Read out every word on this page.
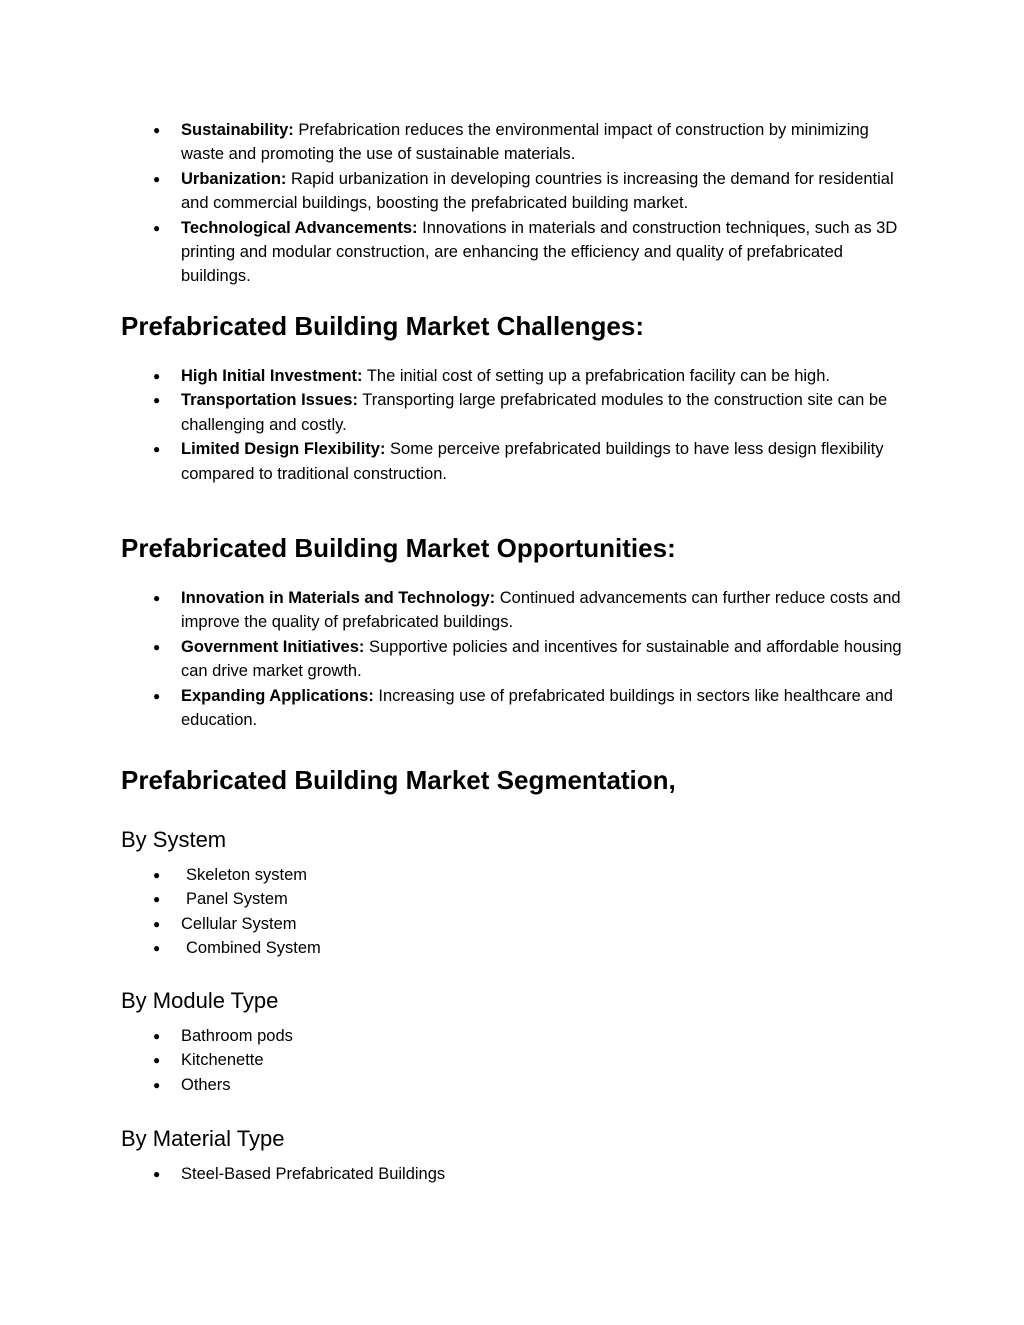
● Sustainability: Prefabrication reduces the environmental impact of construction by minimizing waste and promoting the use of sustainable materials.
● Urbanization: Rapid urbanization in developing countries is increasing the demand for residential and commercial buildings, boosting the prefabricated building market.
● Technological Advancements: Innovations in materials and construction techniques, such as 3D printing and modular construction, are enhancing the efficiency and quality of prefabricated buildings.
Prefabricated Building Market Challenges:
● High Initial Investment: The initial cost of setting up a prefabrication facility can be high.
● Transportation Issues: Transporting large prefabricated modules to the construction site can be challenging and costly.
● Limited Design Flexibility: Some perceive prefabricated buildings to have less design flexibility compared to traditional construction.
Prefabricated Building Market Opportunities:
● Innovation in Materials and Technology: Continued advancements can further reduce costs and improve the quality of prefabricated buildings.
● Government Initiatives: Supportive policies and incentives for sustainable and affordable housing can drive market growth.
● Expanding Applications: Increasing use of prefabricated buildings in sectors like healthcare and education.
Prefabricated Building Market Segmentation,
By System
● Skeleton system
● Panel System
● Cellular System
● Combined System
By Module Type
● Bathroom pods
● Kitchenette
● Others
By Material Type
● Steel-Based Prefabricated Buildings
